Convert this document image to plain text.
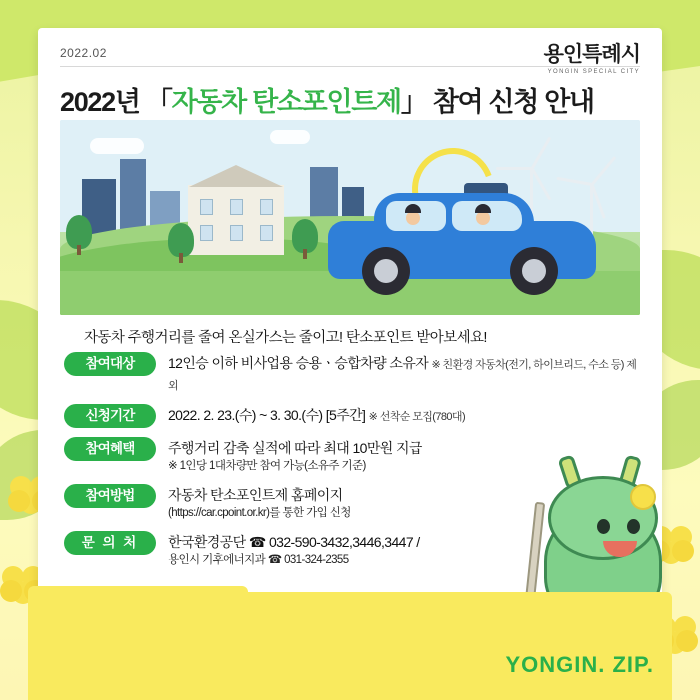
2022.02	용인특례시
YONGIN SPECIAL CITY
2022년 「자동차 탄소포인트제」 참여 신청 안내
자동차 주행거리를 줄여 온실가스는 줄이고! 탄소포인트 받아보세요!
참여대상	12인승 이하 비사업용 승용ㆍ승합차량 소유자 ※ 친환경 자동차(전기, 하이브리드, 수소 등) 제외
신청기간	2022. 2. 23.(수) ~ 3. 30.(수) [5주간] ※ 선착순 모집(780대)
참여혜택	주행거리 감축 실적에 따라 최대 10만원 지급
※ 1인당 1대차량만 참여 가능(소유주 기준)
참여방법	자동차 탄소포인트제 홈페이지
(https://car.cpoint.or.kr)를 통한 가입 신청
문 의 처	한국환경공단 ☎ 032-590-3432,3446,3447 /
용인시 기후에너지과 ☎ 031-324-2355
YONGIN. ZIP.
